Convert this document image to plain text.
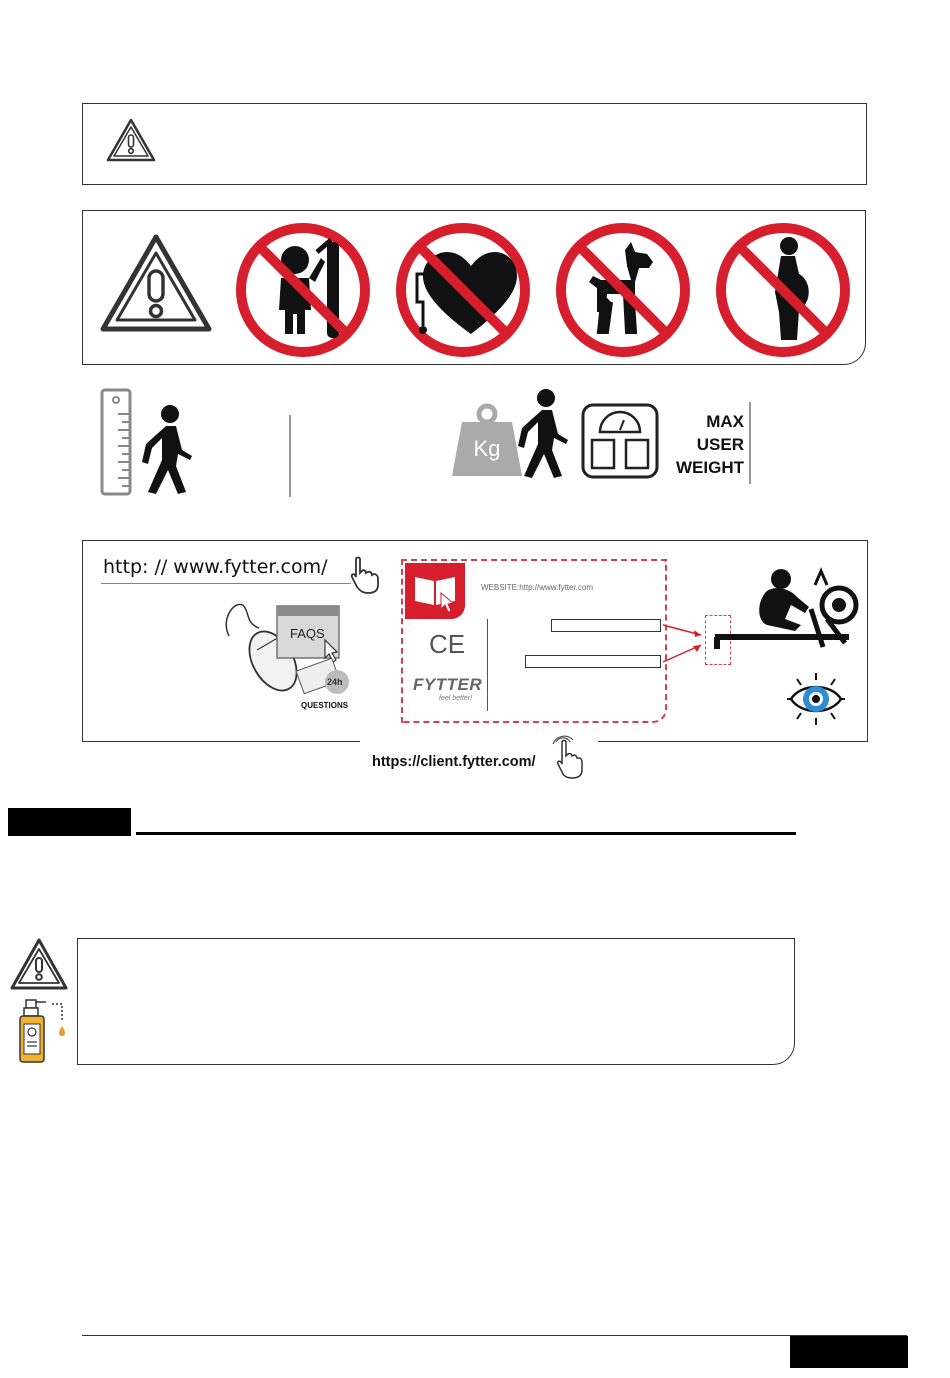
Kg
MAX
USER
WEIGHT
http: // www.fytter.com/
FAQS
24h
QUESTIONS
WEBSITE:http://www.fytter.com
CE
FYTTER
feel better!
https://client.fytter.com/
